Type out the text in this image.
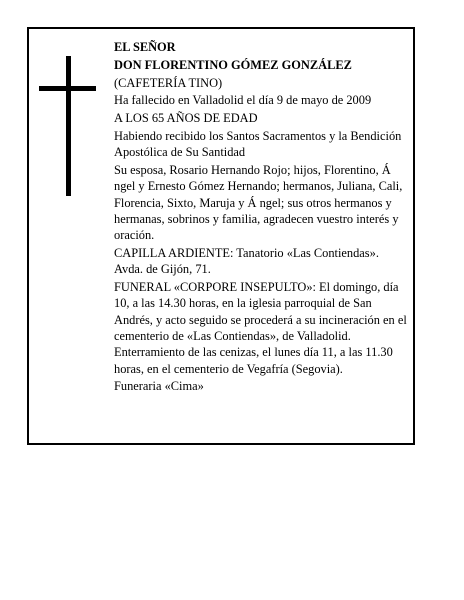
EL SEÑOR

DON FLORENTINO GÓMEZ GONZÁLEZ

(CAFETERÍA TINO)

Ha fallecido en Valladolid el día 9 de mayo de 2009

A LOS 65 AÑOS DE EDAD

Habiendo recibido los Santos Sacramentos y la Bendición Apostólica de Su Santidad

Su esposa, Rosario Hernando Rojo; hijos, Florentino, Á ngel y Ernesto Gómez Hernando; hermanos, Juliana, Cali, Florencia, Sixto, Maruja y Á ngel; sus otros hermanos y hermanas, sobrinos y familia, agradecen vuestro interés y oración.

CAPILLA ARDIENTE: Tanatorio «Las Contiendas». Avda. de Gijón, 71.

FUNERAL «CORPORE INSEPULTO»: El domingo, día 10, a las 14.30 horas, en la iglesia parroquial de San Andrés, y acto seguido se procederá a su incineración en el cementerio de «Las Contiendas», de Valladolid. Enterramiento de las cenizas, el lunes día 11, a las 11.30 horas, en el cementerio de Vegafría (Segovia).

Funeraria «Cima»
